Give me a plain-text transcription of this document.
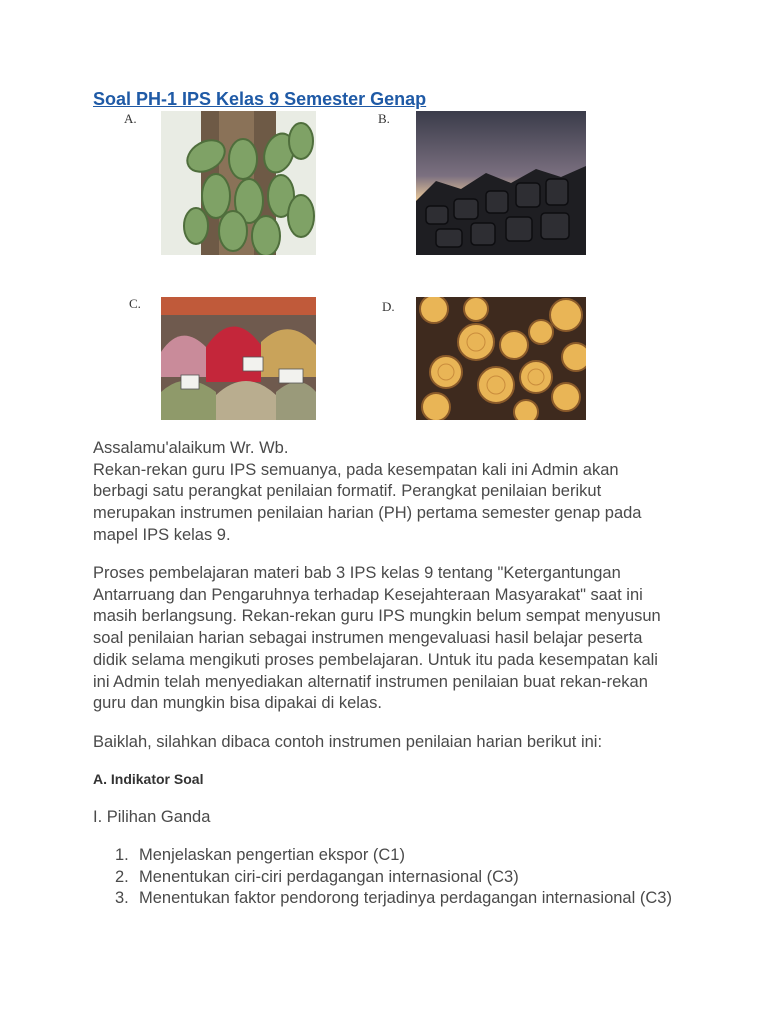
Soal PH-1 IPS Kelas 9 Semester Genap
A.	B.
C.	D.

Assalamu'alaikum Wr. Wb.

Rekan-rekan guru IPS semuanya, pada kesempatan kali ini Admin akan berbagi satu perangkat penilaian formatif. Perangkat penilaian berikut merupakan instrumen penilaian harian (PH) pertama semester genap pada mapel IPS kelas 9.

Proses pembelajaran materi bab 3 IPS kelas 9 tentang "Ketergantungan Antarruang dan Pengaruhnya terhadap Kesejahteraan Masyarakat" saat ini masih berlangsung. Rekan-rekan guru IPS mungkin belum sempat menyusun soal penilaian harian sebagai instrumen mengevaluasi hasil belajar peserta didik selama mengikuti proses pembelajaran. Untuk itu pada kesempatan kali ini Admin telah menyediakan alternatif instrumen penilaian buat rekan-rekan guru dan mungkin bisa dipakai di kelas.

Baiklah, silahkan dibaca contoh instrumen penilaian harian berikut ini:

A. Indikator Soal

I. Pilihan Ganda

1. Menjelaskan pengertian ekspor (C1)
2. Menentukan ciri-ciri perdagangan internasional (C3)
3. Menentukan faktor pendorong terjadinya perdagangan internasional (C3)
